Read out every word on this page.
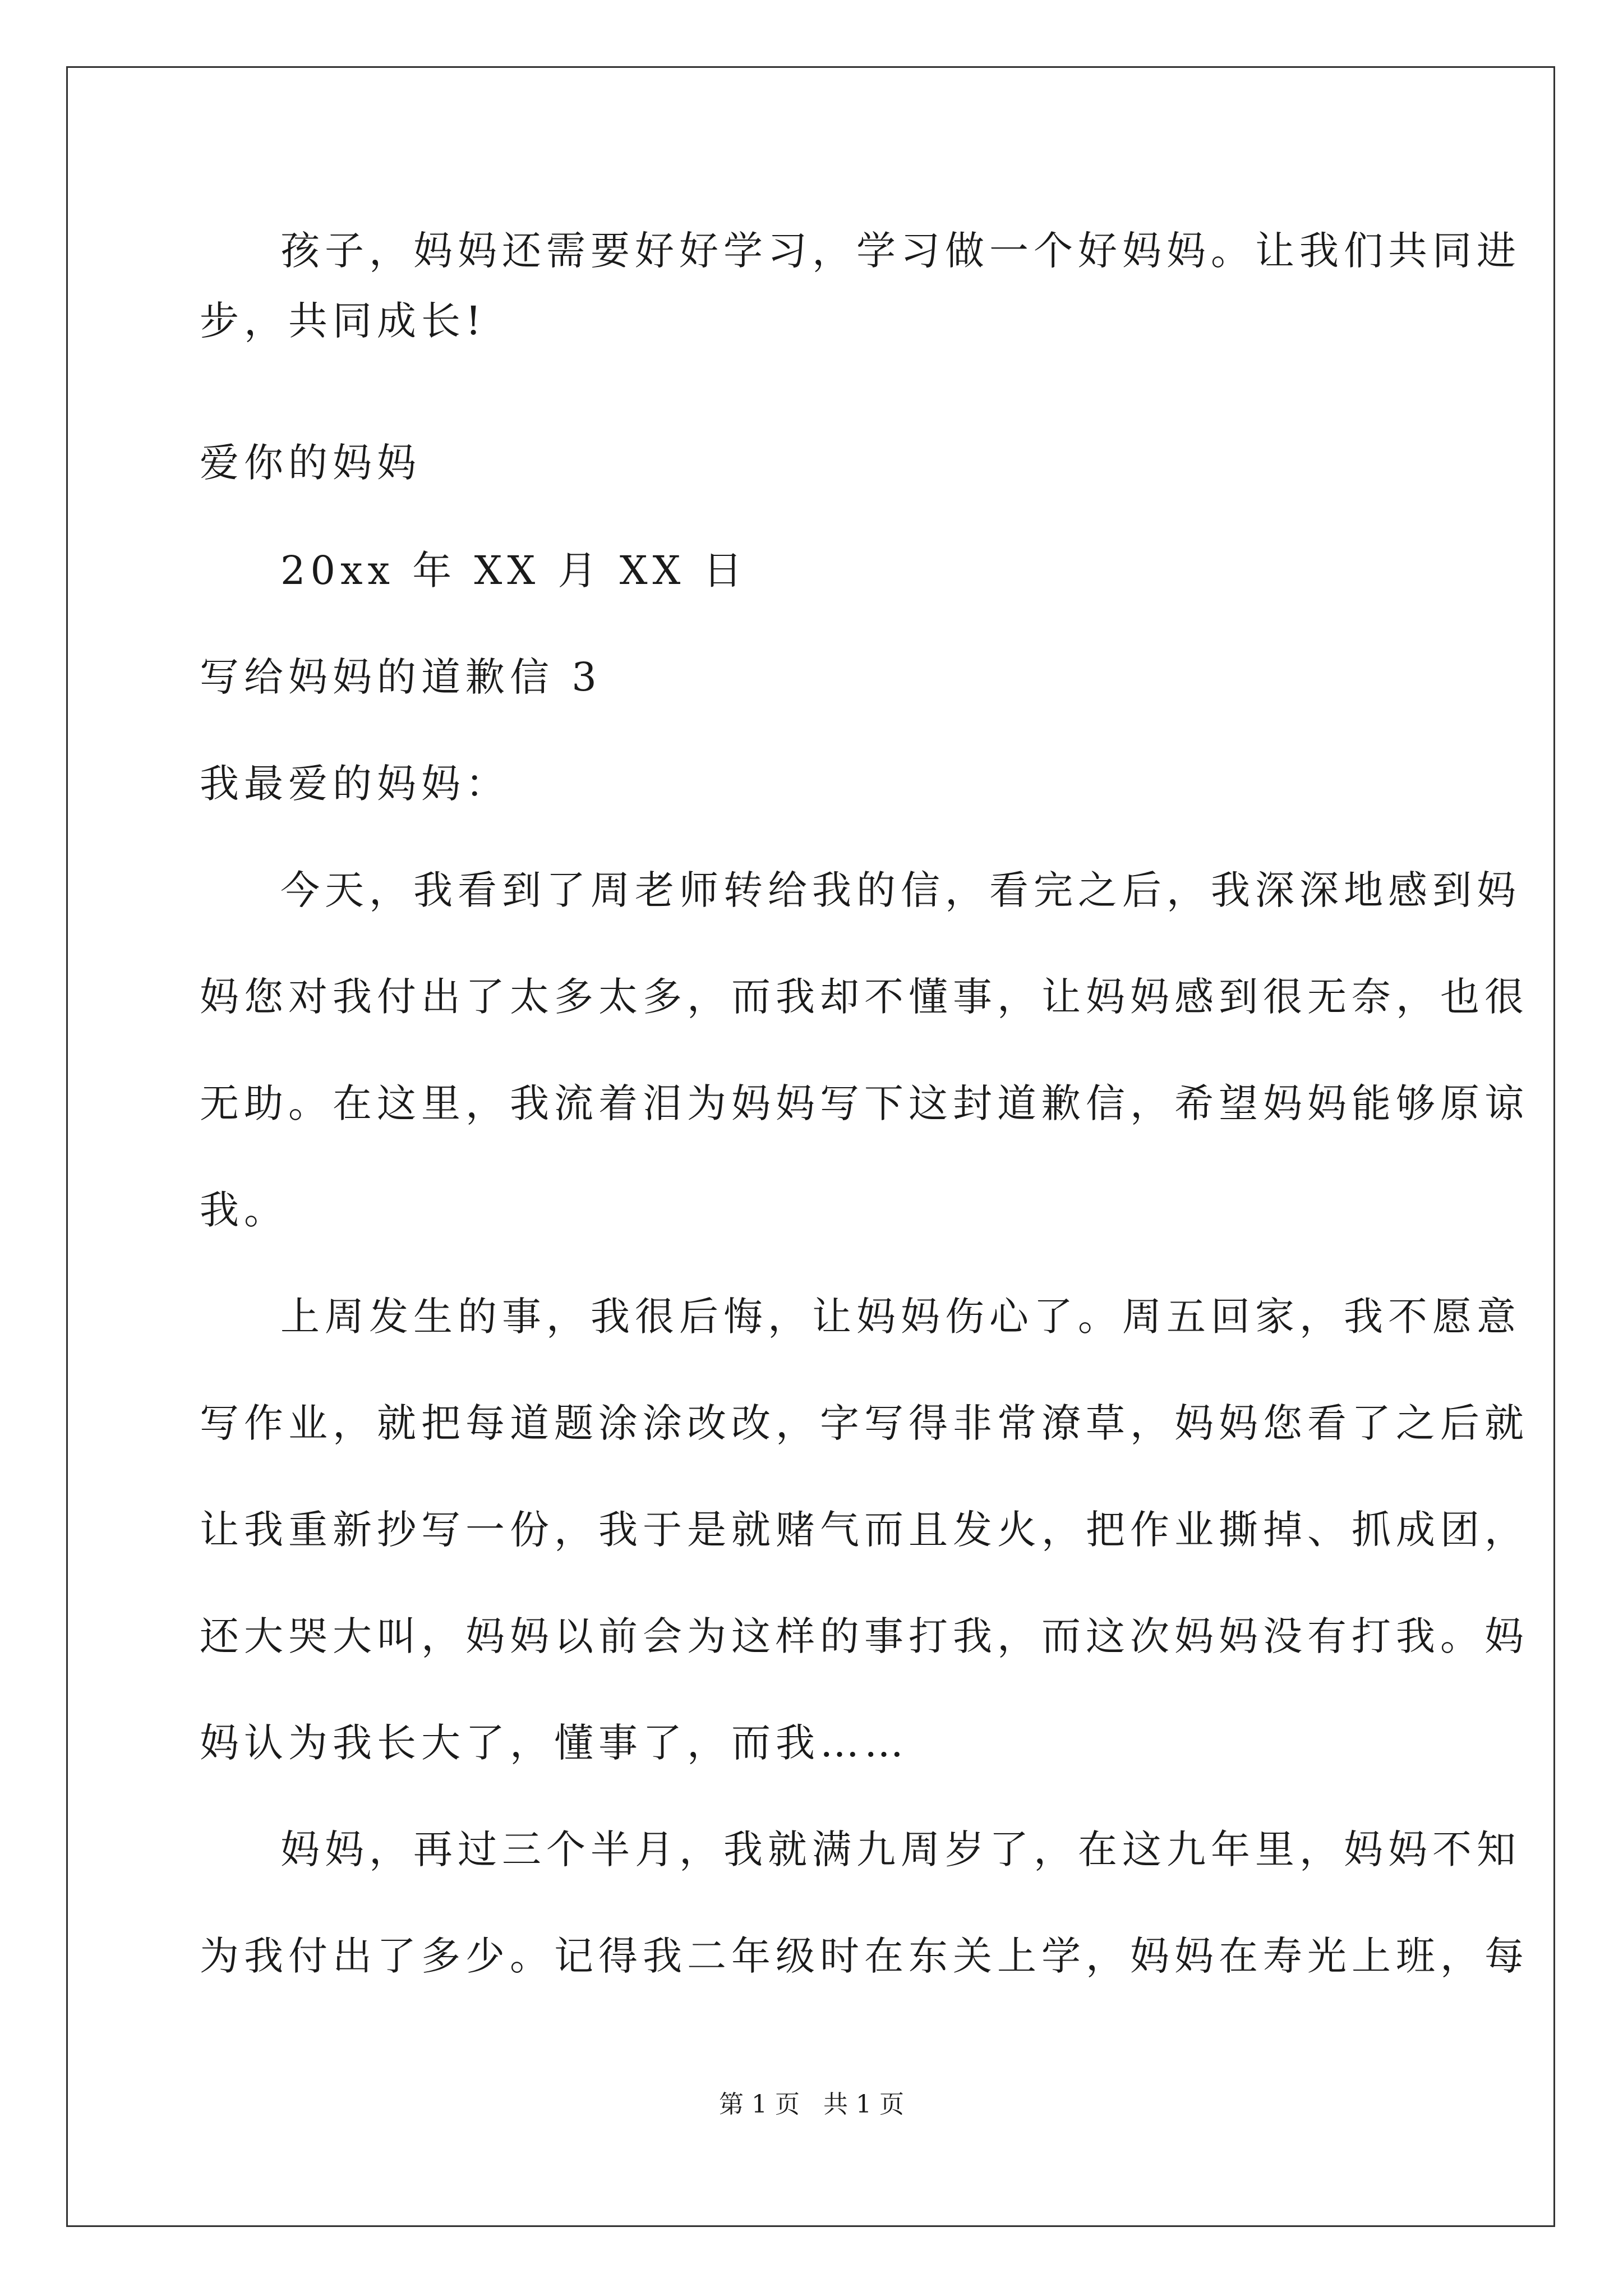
孩子，妈妈还需要好好学习，学习做一个好妈妈。让我们共同进
步，共同成长!
爱你的妈妈
20xx 年 XX 月 XX 日
写给妈妈的道歉信 3
我最爱的妈妈：
今天，我看到了周老师转给我的信，看完之后，我深深地感到妈
妈您对我付出了太多太多，而我却不懂事，让妈妈感到很无奈，也很
无助。在这里，我流着泪为妈妈写下这封道歉信，希望妈妈能够原谅
我。
上周发生的事，我很后悔，让妈妈伤心了。周五回家，我不愿意
写作业，就把每道题涂涂改改，字写得非常潦草，妈妈您看了之后就
让我重新抄写一份，我于是就赌气而且发火，把作业撕掉、抓成团，
还大哭大叫，妈妈以前会为这样的事打我，而这次妈妈没有打我。妈
妈认为我长大了，懂事了，而我……
妈妈，再过三个半月，我就满九周岁了，在这九年里，妈妈不知
为我付出了多少。记得我二年级时在东关上学，妈妈在寿光上班，每
第 1 页   共 1 页
